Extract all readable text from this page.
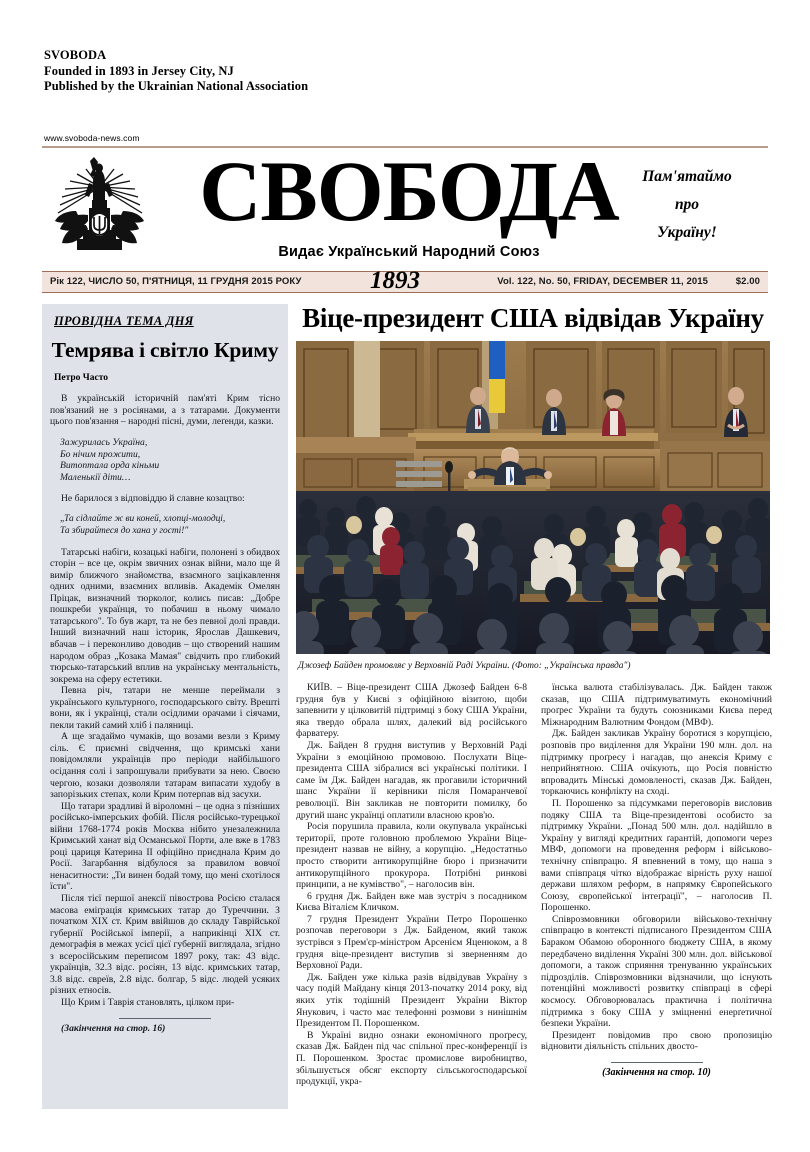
SVOBODA
Founded in 1893 in Jersey City, NJ
Published by the Ukrainian National Association
www.svoboda-news.com
СВОБОДА
Видає Український Народний Союз
Пам'ятаймо
про
Україну!
Рік 122, ЧИСЛО 50, П'ЯТНИЦЯ, 11 ГРУДНЯ 2015 РОКУ	Vol. 122, No. 50, FRIDAY, DECEMBER 11, 2015	$2.00
1893
ПРОВІДНА ТЕМА ДНЯ
Темрява і світло Криму
Петро Часто

В українській історичній пам'яті Крим тісно пов'язаний не з росіянами, а з татарами. Документи цього пов'язання – народні пісні, думи, леґенди, казки.

Зажурилась Україна,
Бо нічим прожити,
Витоптала орда кіньми
Маленькії діти…

Не барилося з відповіддю й славне козацтво:

„Та сідлайте ж ви коней, хлопці-молодці,
Та збирайтеся до хана у гості!"

Татарські набіги, козацькі набіги, полонені з обидвох сторін – все це, окрім звичних ознак війни, мало ще й вимір ближчого знайомства, взаємного зацікавлення одних одними, взаємних впливів. Академік Омелян Пріцак, визначний тюрколог, колись писав: „Добре пошкреби українця, то побачиш в ньому чимало татарського". То був жарт, та не без певної долі правди. Інший визначний наш історик, Ярослав Дашкевич, вбачав – і переконливо доводив – що створений нашим народом образ „Козака Мамая" свідчить про глибокий тюрсько-татарський вплив на українську ментальність, зокрема на сферу естетики.

Певна річ, татари не менше переймали з українського культурного, господарського світу. Врешті вони, як і українці, стали осідлими орачами і сіячами, пекли такий самий хліб і паляниці.

А ще згадаймо чумаків, що возами везли з Криму сіль. Є приємні свідчення, що кримські хани повідомляли українців про періоди найбільшого осідання солі і запрошували прибувати за нею. Своєю чергою, козаки дозволяли татарам випасати худобу в запорізьких степах, коли Крим потерпав від засухи.

Що татари зрадливі й віроломні – це одна з пізніших російсько-імперських фобій. Після російсько-турецької війни 1768-1774 років Москва нібито унезалежнила Кримський ханат від Османської Порти, але вже в 1783 році цариця Катерина II офіційно приєднала Крим до Росії. Загарбання відбулося за правилом вовчої ненаситности: „Ти винен бодай тому, що мені схотілося їсти".

Після тієї першої анексії півострова Росією сталася масова еміґрація кримських татар до Туреччини. З початком XIX ст. Крим ввійшов до складу Таврійської губернії Російської імперії, а наприкінці XIX ст. демографія в межах усієї цієї губернії виглядала, згідно з всеросійським переписом 1897 року, так: 43 відс. українців, 32.3 відс. росіян, 13 відс. кримських татар, 3.8 відс. євреїв, 2.8 відс. болгар, 5 відс. людей усяких різних етносів.

Що Крим і Таврія становлять, цілком при-

(Закінчення на стор. 16)

Віце-президент США відвідав Україну
Джозеф Байден промовляє у Верховній Раді України. (Фото: „Українська правда")

КИЇВ. – Віце-президент США Джозеф Байден 6-8 грудня був у Києві з офіційною візитою, щоби запевнити у цілковитій підтримці з боку США України, яка твердо обрала шлях, далекий від російського фарватеру.

Дж. Байден 8 грудня виступив у Верховній Раді України з емоційною промовою. Послухати Віце-президента США зібралися всі українські політики. І саме їм Дж. Байден нагадав, як прогавили історичний шанс України її керівники після Помаранчевої революції. Він закликав не повторити помилку, бо другий шанс українці оплатили власною кров'ю.

Росія порушила правила, коли окупувала українські території, проте головною проблемою України Віце-президент назвав не війну, а корупцію. „Недостатньо просто створити антикорупційне бюро і призначити антикорупційного прокурора. Потрібні ринкові принципи, а не кумівство", – наголосив він.

6 грудня Дж. Байден вже мав зустріч з посадником Києва Віталієм Кличком.

7 грудня Президент України Петро Порошенко розпочав переговори з Дж. Байденом, який також зустрівся з Прем'єр-міністром Арсенієм Яценюком, а 8 грудня віце-президент виступив зі зверненням до Верховної Ради.

Дж. Байден уже кілька разів відвідував Україну з часу подій Майдану кінця 2013-початку 2014 року, від яких утік тодішній Президент України Віктор Янукович, і часто має телефонні розмови з нинішнім Президентом П. Порошенком.

В Україні видно ознаки економічного проґресу, сказав Дж. Байден під час спільної прес-конференції із П. Порошенком. Зростає промислове виробництво, збільшується обсяг експорту сільськогосподарської продукції, укра-

їнська валюта стабілізувалась. Дж. Байден також сказав, що США підтримуватимуть економічний проґрес України та будуть союзниками Києва перед Міжнародним Валютним Фондом (МВФ).

Дж. Байден закликав Україну боротися з корупцією, розповів про виділення для України 190 млн. дол. на підтримку проґресу і нагадав, що анексія Криму є неприйнятною. США очікують, що Росія повністю впровадить Мінські домовленості, сказав Дж. Байден, торкаючись конфлікту на сході.

П. Порошенко за підсумками переговорів висловив подяку США та Віце-президентові особисто за підтримку України. „Понад 500 млн. дол. надійшло в Україну у вигляді кредитних ґарантій, допомоги через МВФ, допомоги на проведення реформ і військово-технічну співпрацю. Я впевнений в тому, що наша з вами співпраця чітко відображає вірність руху нашої держави шляхом реформ, в напрямку Європейського Союзу, європейської інтеґрації", – наголосив П. Порошенко.

Співрозмовники обговорили військово-технічну співпрацю в контексті підписаного Президентом США Бараком Обамою оборонного бюджету США, в якому передбачено виділення Україні 300 млн. дол. військової допомоги, а також сприяння тренуванню українських підрозділів. Співрозмовники відзначили, що існують потенційні можливості розвитку співпраці в сфері космосу. Обговорювалась практична і політична підтримка з боку США у зміцненні енерґетичної безпеки України.

Президент повідомив про свою пропозицію відновити діяльність спільних двосто-

(Закінчення на стор. 10)
